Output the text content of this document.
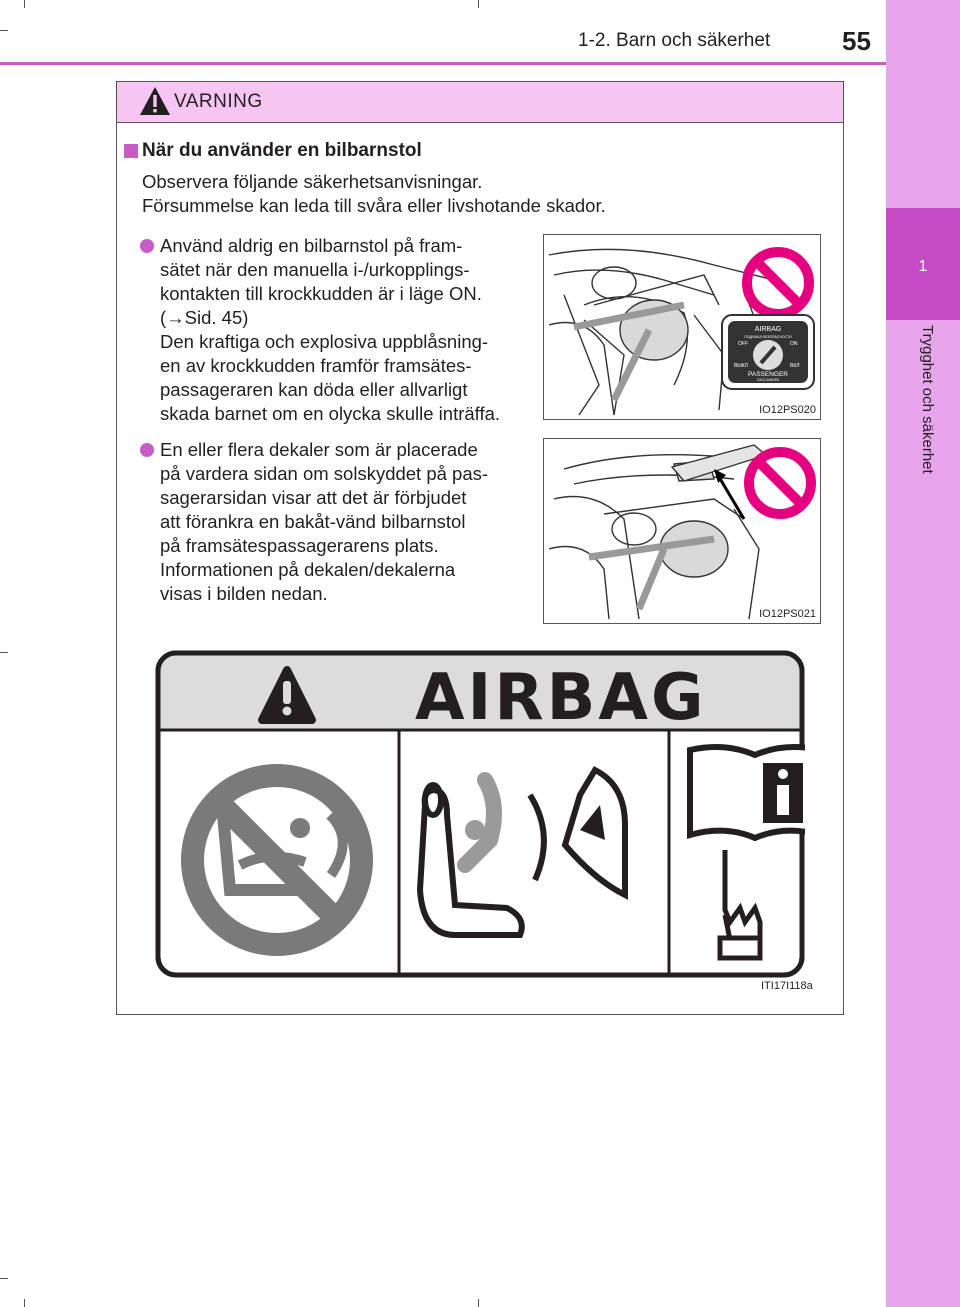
1-2. Barn och säkerhet	55
1
Trygghet och säkerhet
VARNING
När du använder en bilbarnstol
Observera följande säkerhetsanvisningar.
Försummelse kan leda till svåra eller livshotande skador.
Använd aldrig en bilbarnstol på fram-
sätet när den manuella i-/urkopplings-
kontakten till krockkudden är i läge ON.
(→Sid. 45)
Den kraftiga och explosiva uppblåsning-
en av krockkudden framför framsätes-
passageraren kan döda eller allvarligt
skada barnet om en olycka skulle inträffa.
AIRBAG
ПОДУШКА БЕЗОПАСНОСТИ
OFF	ON
ВЫКЛ	ВКЛ
PASSENGER
ПАССАЖИРА
IO12PS020
En eller flera dekaler som är placerade
på vardera sidan om solskyddet på pas-
sagerarsidan visar att det är förbjudet
att förankra en bakåt-vänd bilbarnstol
på framsätespassagerarens plats.
Informationen på dekalen/dekalerna
visas i bilden nedan.
IO12PS021
AIRBAG
ITI17I118a
